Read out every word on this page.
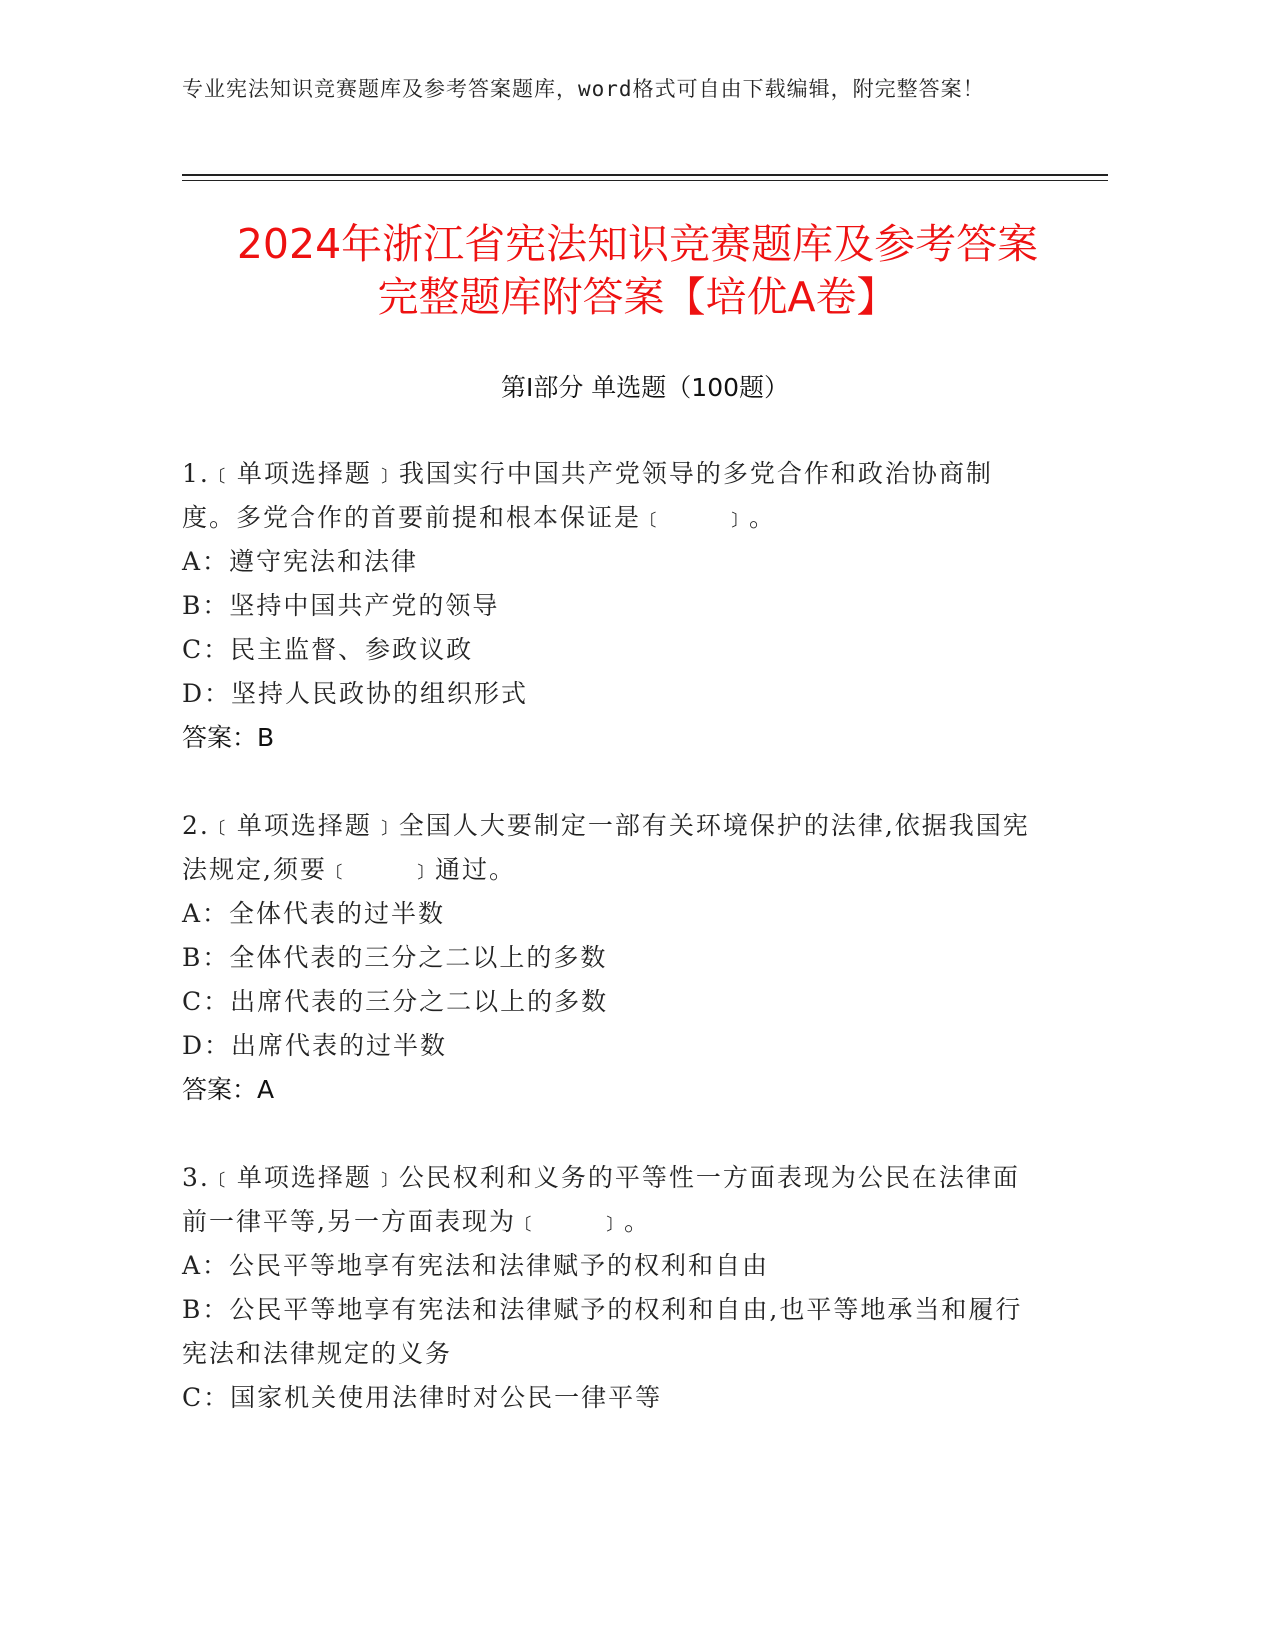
专业宪法知识竞赛题库及参考答案题库，word格式可自由下载编辑，附完整答案！
2024年浙江省宪法知识竞赛题库及参考答案
完整题库附答案【培优A卷】
第Ⅰ部分 单选题（100题）

1.﹝单项选择题﹞我国实行中国共产党领导的多党合作和政治协商制度。多党合作的首要前提和根本保证是﹝　　﹞。

A：遵守宪法和法律

B：坚持中国共产党的领导

C：民主监督、参政议政

D：坚持人民政协的组织形式

答案：B

2.﹝单项选择题﹞全国人大要制定一部有关环境保护的法律,依据我国宪法规定,须要﹝　　﹞通过。

A：全体代表的过半数

B：全体代表的三分之二以上的多数

C：出席代表的三分之二以上的多数

D：出席代表的过半数

答案：A

3.﹝单项选择题﹞公民权利和义务的平等性一方面表现为公民在法律面前一律平等,另一方面表现为﹝　　﹞。

A：公民平等地享有宪法和法律赋予的权利和自由

B：公民平等地享有宪法和法律赋予的权利和自由,也平等地承当和履行宪法和法律规定的义务

C：国家机关使用法律时对公民一律平等
